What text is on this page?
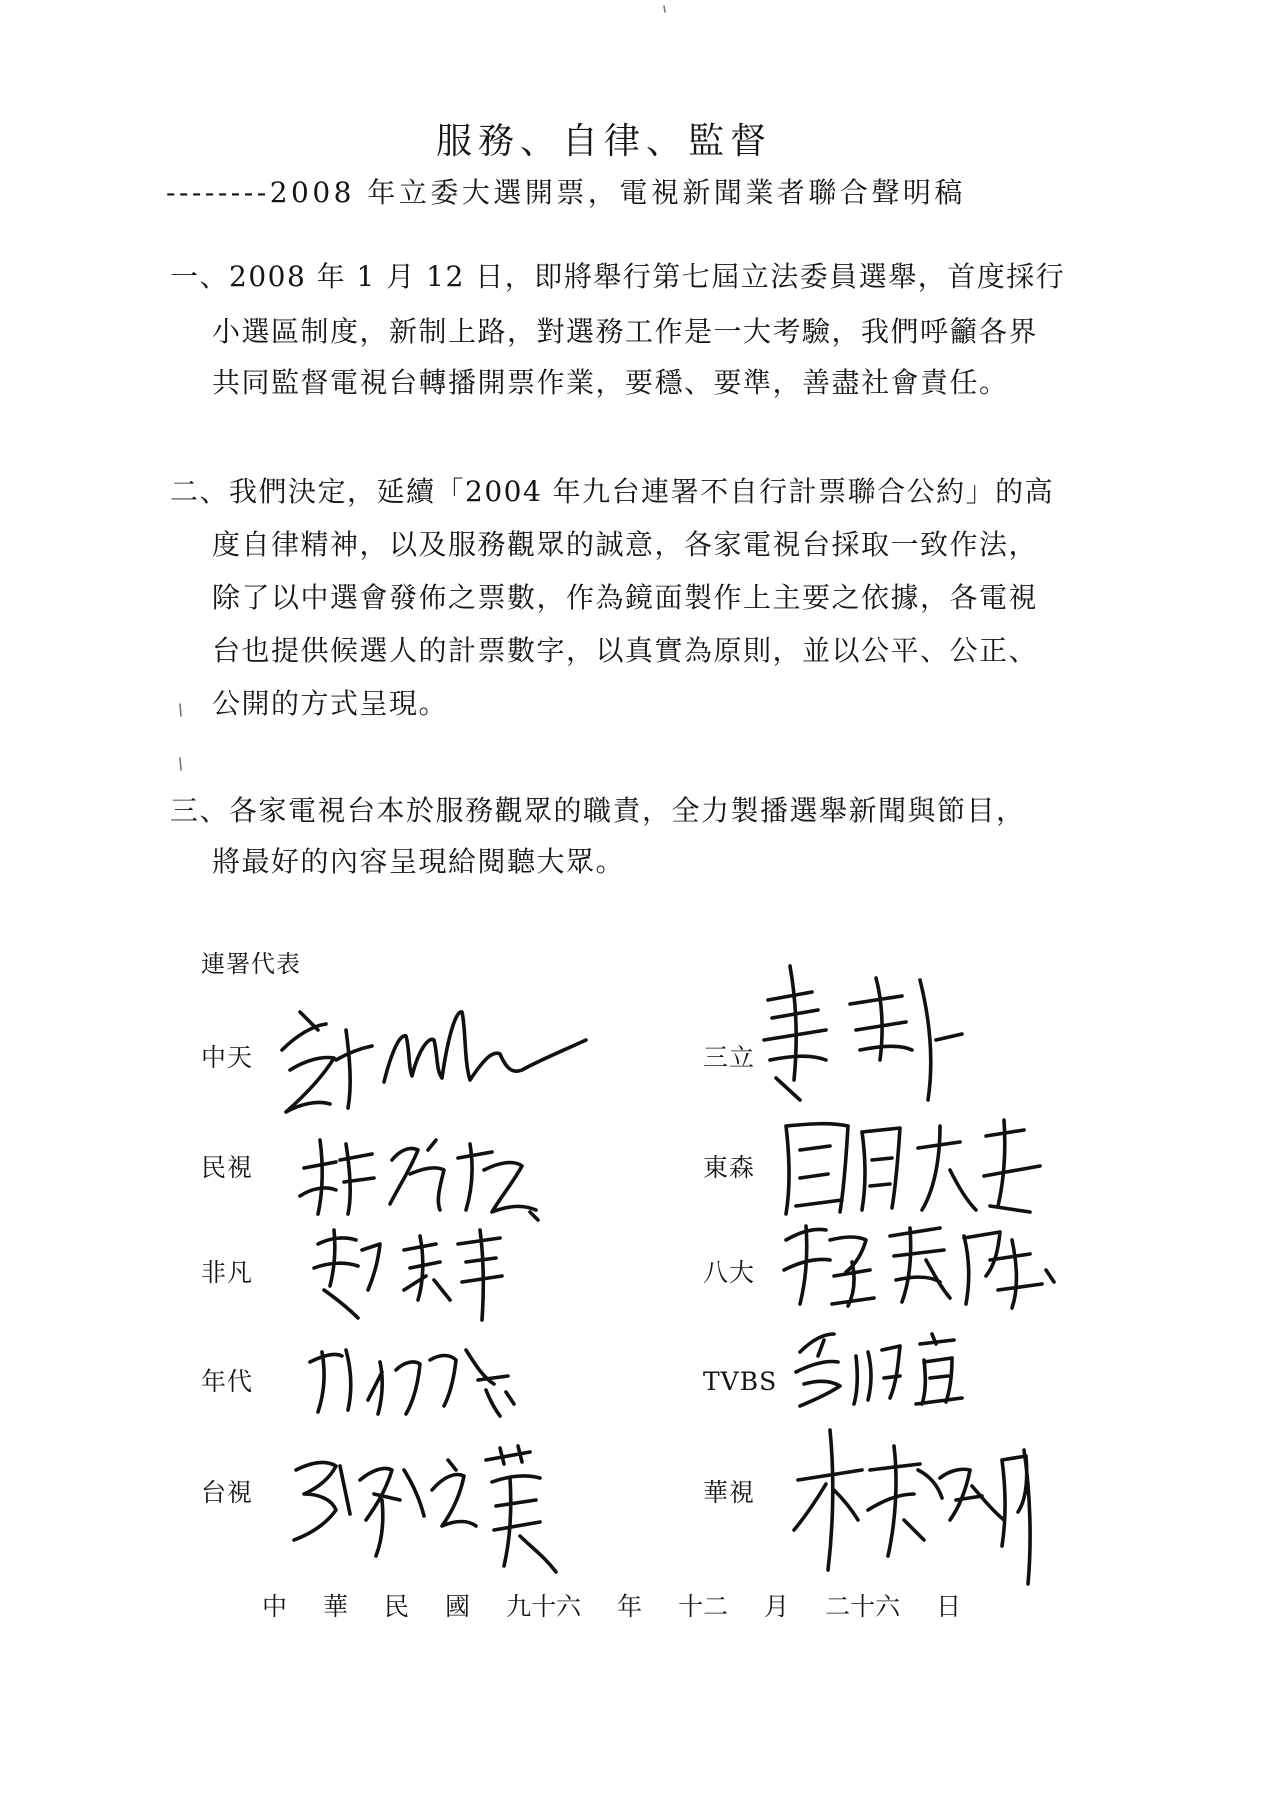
服務、自律、監督
--------2008 年立委大選開票，電視新聞業者聯合聲明稿
一、2008 年 1 月 12 日，即將舉行第七屆立法委員選舉，首度採行
小選區制度，新制上路，對選務工作是一大考驗，我們呼籲各界
共同監督電視台轉播開票作業，要穩、要準，善盡社會責任。
二、我們決定，延續「2004 年九台連署不自行計票聯合公約」的高
度自律精神，以及服務觀眾的誠意，各家電視台採取一致作法，
除了以中選會發佈之票數，作為鏡面製作上主要之依據，各電視
台也提供候選人的計票數字，以真實為原則，並以公平、公正、
公開的方式呈現。
三、各家電視台本於服務觀眾的職責，全力製播選舉新聞與節目，
將最好的內容呈現給閱聽大眾。
連署代表
中天
民視
非凡
年代
台視
三立
東森
八大
TVBS
華視
中 華 民 國 九十六 年 十二 月 二十六 日
